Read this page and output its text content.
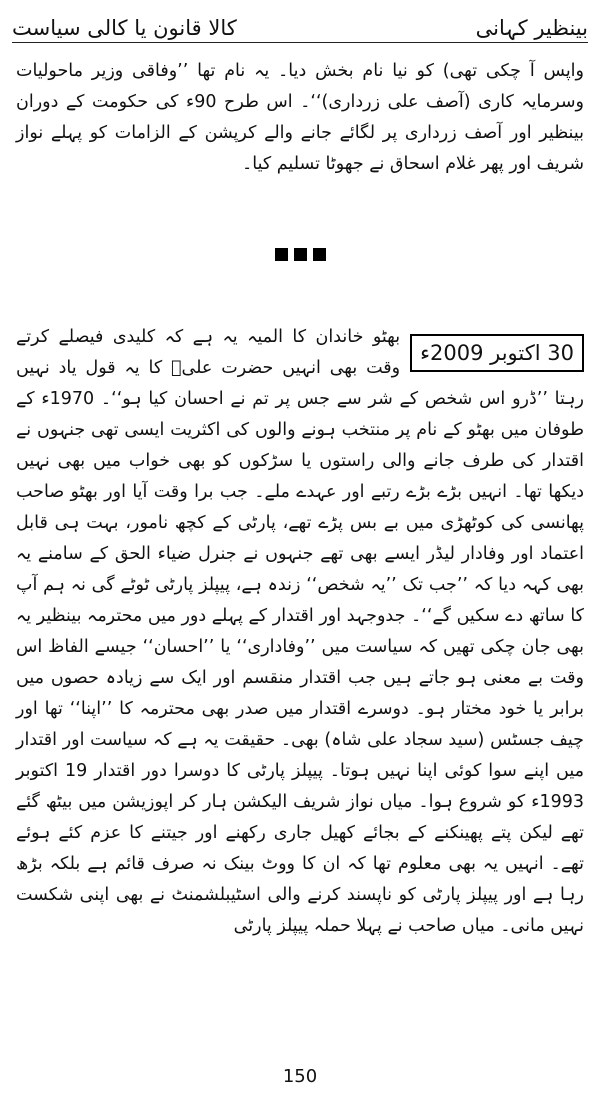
کالا قانون یا کالی سیاست	بینظیر کہانی

واپس آ چکی تھی) کو نیا نام بخش دیا۔ یہ نام تھا ’’وفاقی وزیر ماحولیات وسرمایہ کاری (آصف علی زرداری)‘‘۔ اس طرح 90ء کی حکومت کے دوران بینظیر اور آصف زرداری پر لگائے جانے والے کرپشن کے الزامات کو پہلے نواز شریف اور پھر غلام اسحاق نے جھوٹا تسلیم کیا۔

30 اکتوبر 2009ء
بھٹو خاندان کا المیہ یہ ہے کہ کلیدی فیصلے کرتے وقت بھی انہیں حضرت علیؓ کا یہ قول یاد نہیں رہتا ’’ڈرو اس شخص کے شر سے جس پر تم نے احسان کیا ہو‘‘۔ 1970ء کے طوفان میں بھٹو کے نام پر منتخب ہونے والوں کی اکثریت ایسی تھی جنہوں نے اقتدار کی طرف جانے والی راستوں یا سڑکوں کو بھی خواب میں بھی نہیں دیکھا تھا۔ انہیں بڑے بڑے رتبے اور عہدے ملے۔ جب برا وقت آیا اور بھٹو صاحب پھانسی کی کوٹھڑی میں بے بس پڑے تھے، پارٹی کے کچھ نامور، بہت ہی قابل اعتماد اور وفادار لیڈر ایسے بھی تھے جنہوں نے جنرل ضیاء الحق کے سامنے یہ بھی کہہ دیا کہ ’’جب تک ’’یہ شخص‘‘ زندہ ہے، پیپلز پارٹی ٹوٹے گی نہ ہم آپ کا ساتھ دے سکیں گے‘‘۔ جدوجہد اور اقتدار کے پہلے دور میں محترمہ بینظیر یہ بھی جان چکی تھیں کہ سیاست میں ’’وفاداری‘‘ یا ’’احسان‘‘ جیسے الفاظ اس وقت بے معنی ہو جاتے ہیں جب اقتدار منقسم اور ایک سے زیادہ حصوں میں برابر یا خود مختار ہو۔ دوسرے اقتدار میں صدر بھی محترمہ کا ’’اپنا‘‘ تھا اور چیف جسٹس (سید سجاد علی شاہ) بھی۔ حقیقت یہ ہے کہ سیاست اور اقتدار میں اپنے سوا کوئی اپنا نہیں ہوتا۔ پیپلز پارٹی کا دوسرا دور اقتدار 19 اکتوبر 1993ء کو شروع ہوا۔ میاں نواز شریف الیکشن ہار کر اپوزیشن میں بیٹھ گئے تھے لیکن پتے پھینکنے کے بجائے کھیل جاری رکھنے اور جیتنے کا عزم کئے ہوئے تھے۔ انہیں یہ بھی معلوم تھا کہ ان کا ووٹ بینک نہ صرف قائم ہے بلکہ بڑھ رہا ہے اور پیپلز پارٹی کو ناپسند کرنے والی اسٹیبلشمنٹ نے بھی اپنی شکست نہیں مانی۔ میاں صاحب نے پہلا حملہ پیپلز پارٹی
150
